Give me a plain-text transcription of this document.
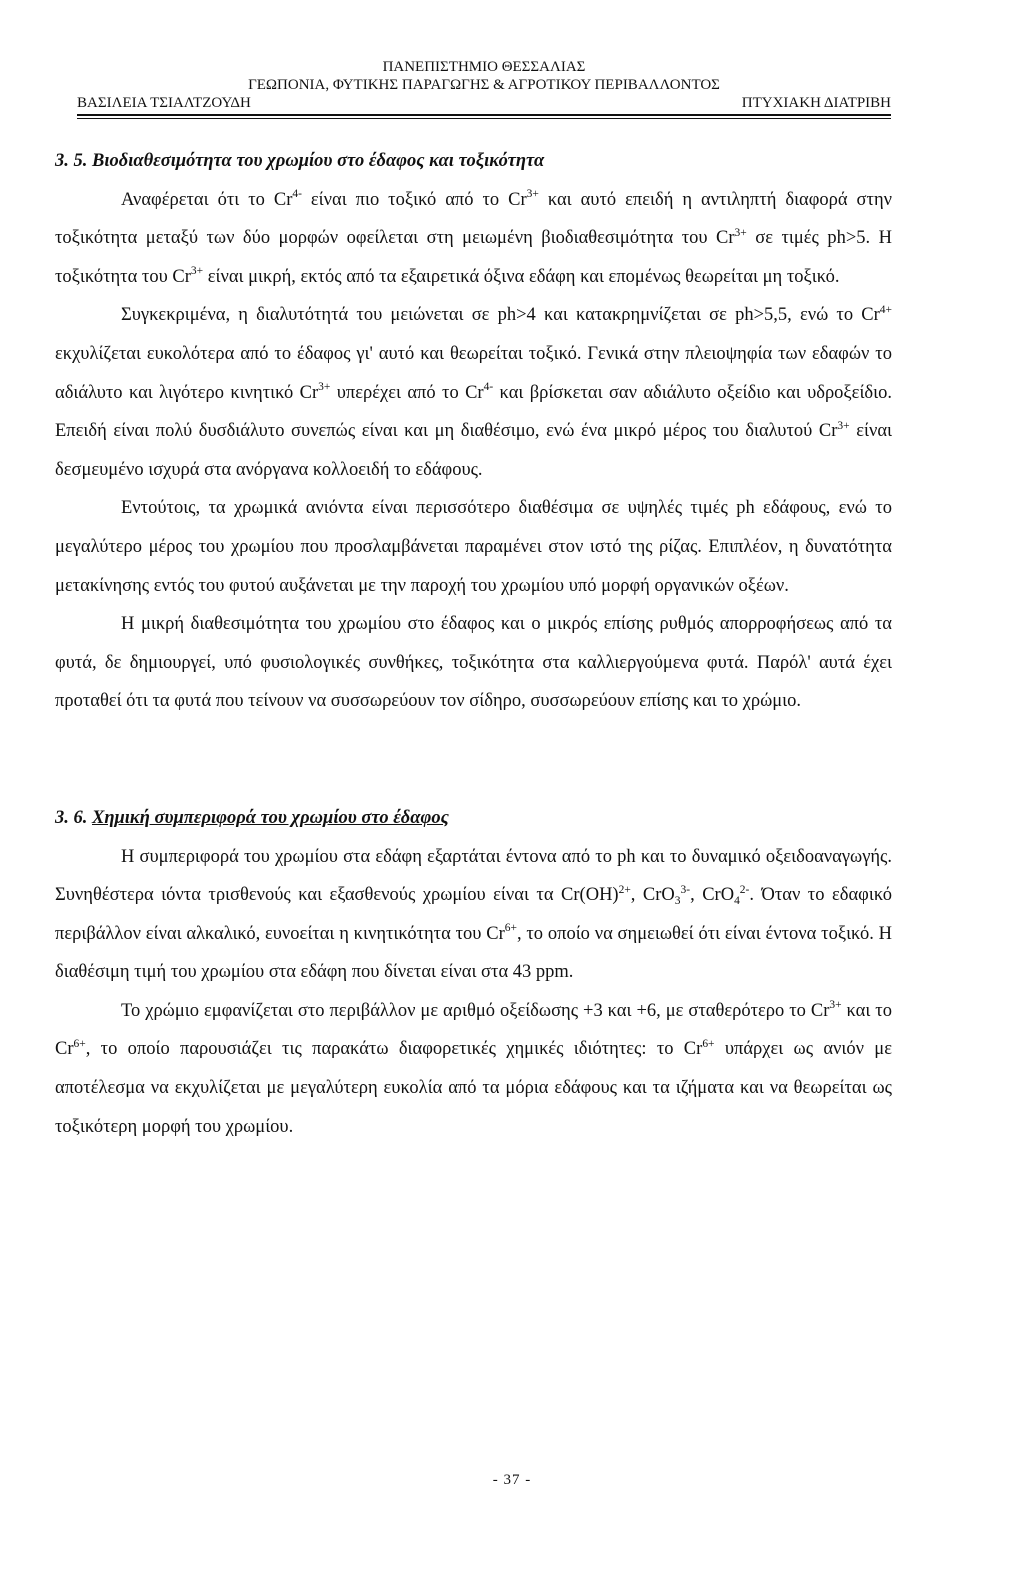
ΠΑΝΕΠΙΣΤΗΜΙΟ ΘΕΣΣΑΛΙΑΣ
ΓΕΩΠΟΝΙΑ, ΦΥΤΙΚΗΣ ΠΑΡΑΓΩΓΗΣ & ΑΓΡΟΤΙΚΟΥ ΠΕΡΙΒΑΛΛΟΝΤΟΣ
ΒΑΣΙΛΕΙΑ ΤΣΙΑΛΤΖΟΥΔΗ	ΠΤΥΧΙΑΚΗ ΔΙΑΤΡΙΒΗ
3. 5. Βιοδιαθεσιμότητα του χρωμίου στο έδαφος και τοξικότητα

Αναφέρεται ότι το $Cr^{4-}$ είναι πιο τοξικό από το $Cr^{3+}$ και αυτό επειδή η αντιληπτή διαφορά στην τοξικότητα μεταξύ των δύο μορφών οφείλεται στη μειωμένη βιοδιαθεσιμότητα του $Cr^{3+}$ σε τιμές ph>5. Η τοξικότητα του $Cr^{3+}$ είναι μικρή, εκτός από τα εξαιρετικά όξινα εδάφη και επομένως θεωρείται μη τοξικό.

Συγκεκριμένα, η διαλυτότητά του μειώνεται σε ph>4 και κατακρημνίζεται σε ph>5,5, ενώ το $Cr^{4+}$ εκχυλίζεται ευκολότερα από το έδαφος γι' αυτό και θεωρείται τοξικό. Γενικά στην πλειοψηφία των εδαφών το αδιάλυτο και λιγότερο κινητικό $Cr^{3+}$ υπερέχει από το $Cr^{4-}$ και βρίσκεται σαν αδιάλυτο οξείδιο και υδροξείδιο. Επειδή είναι πολύ δυσδιάλυτο συνεπώς είναι και μη διαθέσιμο, ενώ ένα μικρό μέρος του διαλυτού $Cr^{3+}$ είναι δεσμευμένο ισχυρά στα ανόργανα κολλοειδή το εδάφους.

Εντούτοις, τα χρωμικά ανιόντα είναι περισσότερο διαθέσιμα σε υψηλές τιμές ph εδάφους, ενώ το μεγαλύτερο μέρος του χρωμίου που προσλαμβάνεται παραμένει στον ιστό της ρίζας. Επιπλέον, η δυνατότητα μετακίνησης εντός του φυτού αυξάνεται με την παροχή του χρωμίου υπό μορφή οργανικών οξέων.

Η μικρή διαθεσιμότητα του χρωμίου στο έδαφος και ο μικρός επίσης ρυθμός απορροφήσεως από τα φυτά, δε δημιουργεί, υπό φυσιολογικές συνθήκες, τοξικότητα στα καλλιεργούμενα φυτά. Παρόλ' αυτά έχει προταθεί ότι τα φυτά που τείνουν να συσσωρεύουν τον σίδηρο, συσσωρεύουν επίσης και το χρώμιο.

3. 6. Χημική συμπεριφορά του χρωμίου στο έδαφος

Η συμπεριφορά του χρωμίου στα εδάφη εξαρτάται έντονα από το ph και το δυναμικό οξειδοαναγωγής. Συνηθέστερα ιόντα τρισθενούς και εξασθενούς χρωμίου είναι τα Cr(OH)$^{2+}$, CrO$_3^{3-}$, CrO$_4^{2-}$. Όταν το εδαφικό περιβάλλον είναι αλκαλικό, ευνοείται η κινητικότητα του $Cr^{6+}$, το οποίο να σημειωθεί ότι είναι έντονα τοξικό. Η διαθέσιμη τιμή του χρωμίου στα εδάφη που δίνεται είναι στα 43 ppm.

Το χρώμιο εμφανίζεται στο περιβάλλον με αριθμό οξείδωσης +3 και +6, με σταθερότερο το $Cr^{3+}$ και το $Cr^{6+}$, το οποίο παρουσιάζει τις παρακάτω διαφορετικές χημικές ιδιότητες: το $Cr^{6+}$ υπάρχει ως ανιόν με αποτέλεσμα να εκχυλίζεται με μεγαλύτερη ευκολία από τα μόρια εδάφους και τα ιζήματα και να θεωρείται ως τοξικότερη μορφή του χρωμίου.

- 37 -
